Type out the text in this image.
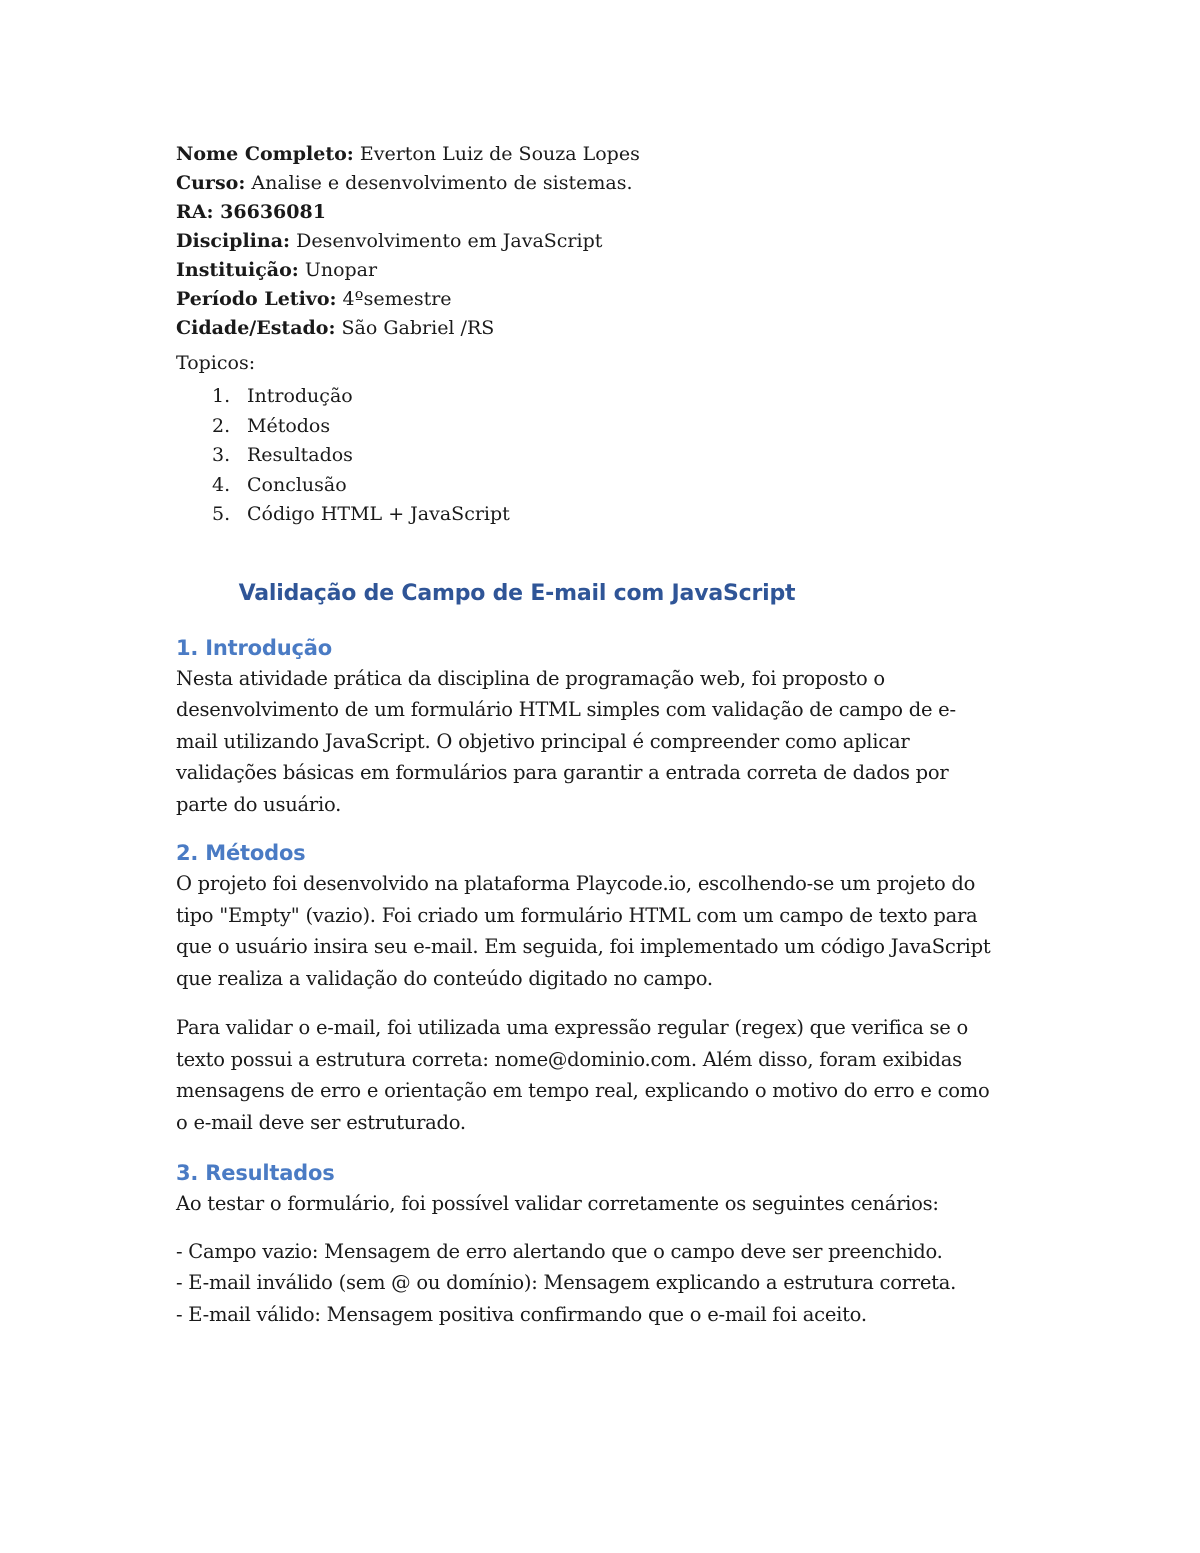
Nome Completo: Everton Luiz de Souza Lopes
Curso: Analise e desenvolvimento de sistemas.
RA: 36636081
Disciplina: Desenvolvimento em JavaScript
Instituição: Unopar
Período Letivo: 4ºsemestre
Cidade/Estado: São Gabriel /RS
Topicos:
1. Introdução
2. Métodos
3. Resultados
4. Conclusão
5. Código HTML + JavaScript
Validação de Campo de E-mail com JavaScript
1. Introdução
Nesta atividade prática da disciplina de programação web, foi proposto o
desenvolvimento de um formulário HTML simples com validação de campo de e-
mail utilizando JavaScript. O objetivo principal é compreender como aplicar
validações básicas em formulários para garantir a entrada correta de dados por
parte do usuário.
2. Métodos
O projeto foi desenvolvido na plataforma Playcode.io, escolhendo-se um projeto do
tipo "Empty" (vazio). Foi criado um formulário HTML com um campo de texto para
que o usuário insira seu e-mail. Em seguida, foi implementado um código JavaScript
que realiza a validação do conteúdo digitado no campo.
Para validar o e-mail, foi utilizada uma expressão regular (regex) que verifica se o
texto possui a estrutura correta: nome@dominio.com. Além disso, foram exibidas
mensagens de erro e orientação em tempo real, explicando o motivo do erro e como
o e-mail deve ser estruturado.
3. Resultados
Ao testar o formulário, foi possível validar corretamente os seguintes cenários:
- Campo vazio: Mensagem de erro alertando que o campo deve ser preenchido.
- E-mail inválido (sem @ ou domínio): Mensagem explicando a estrutura correta.
- E-mail válido: Mensagem positiva confirmando que o e-mail foi aceito.
